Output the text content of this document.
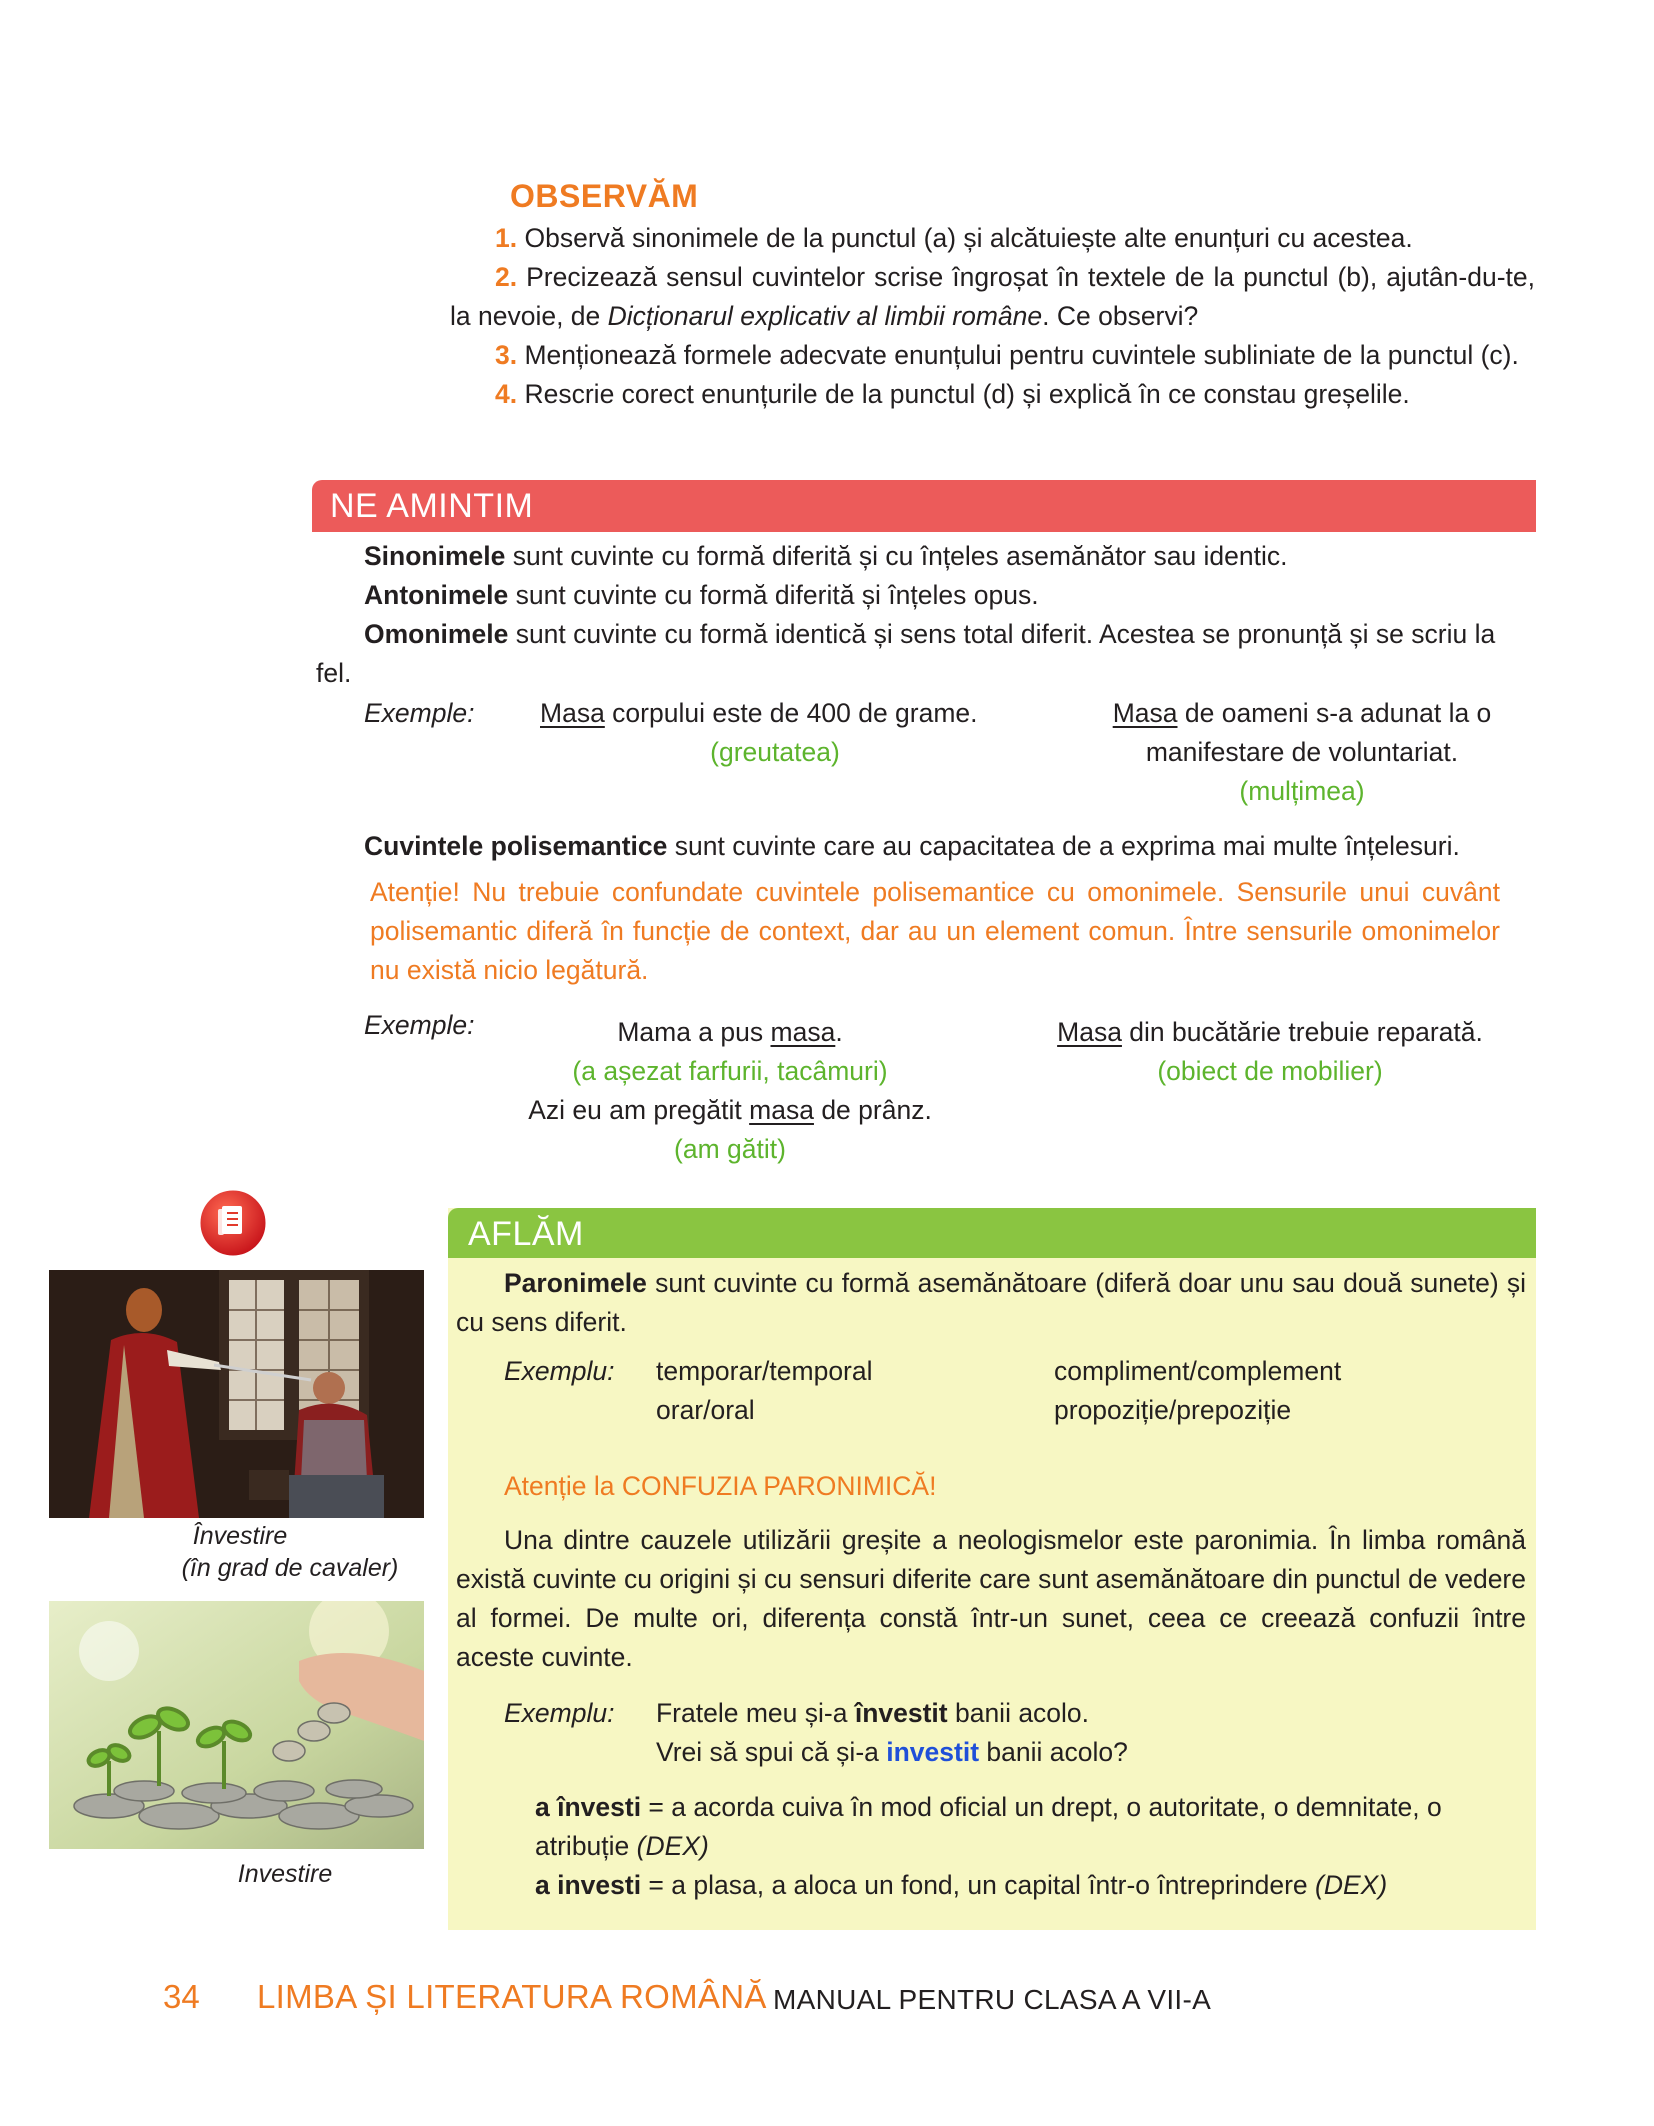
OBSERVĂM

1. Observă sinonimele de la punctul (a) și alcătuiește alte enunțuri cu acestea.

2. Precizează sensul cuvintelor scrise îngroșat în textele de la punctul (b), ajutân-du-te, la nevoie, de Dicționarul explicativ al limbii române. Ce observi?

3. Menționează formele adecvate enunțului pentru cuvintele subliniate de la punctul (c).

4. Rescrie corect enunțurile de la punctul (d) și explică în ce constau greșelile.

NE AMINTIM

Sinonimele sunt cuvinte cu formă diferită și cu înțeles asemănător sau identic.

Antonimele sunt cuvinte cu formă diferită și înțeles opus.

Omonimele sunt cuvinte cu formă identică și sens total diferit. Acestea se pronunță și se scriu la fel.

Exemple: Masa corpului este de 400 de grame.
(greutatea)
Masa de oameni s-a adunat la o manifestare de voluntariat.
(mulțimea)
Cuvintele polisemantice sunt cuvinte care au capacitatea de a exprima mai multe înțelesuri.
Atenție! Nu trebuie confundate cuvintele polisemantice cu omonimele. Sensurile unui cuvânt polisemantic diferă în funcție de context, dar au un element comun. Între sensurile omonimelor nu există nicio legătură.
Exemple:	Mama a pus masa.
(a așezat farfurii, tacâmuri)
Azi eu am pregătit masa de prânz.
(am gătit)
Masa din bucătărie trebuie reparată.
(obiect de mobilier)
Învestire
(în grad de cavaler)
Investire
AFLĂM
Paronimele sunt cuvinte cu formă asemănătoare (diferă doar unu sau două sunete) și cu sens diferit.
Exemplu: temporar/temporal
orar/oral
compliment/complement
propoziție/prepoziție
Atenție la CONFUZIA PARONIMICĂ!
Una dintre cauzele utilizării greșite a neologismelor este paronimia. În limba română există cuvinte cu origini și cu sensuri diferite care sunt asemănătoare din punctul de vedere al formei. De multe ori, diferența constă într-un sunet, ceea ce creează confuzii între aceste cuvinte.
Exemplu: Fratele meu și-a învestit banii acolo.
Vrei să spui că și-a investit banii acolo?
a învesti = a acorda cuiva în mod oficial un drept, o autoritate, o demnitate, o atribuție (DEX)
a investi = a plasa, a aloca un fond, un capital într-o întreprindere (DEX)
34 LIMBA ȘI LITERATURA ROMÂNĂ MANUAL PENTRU CLASA A VII-A
